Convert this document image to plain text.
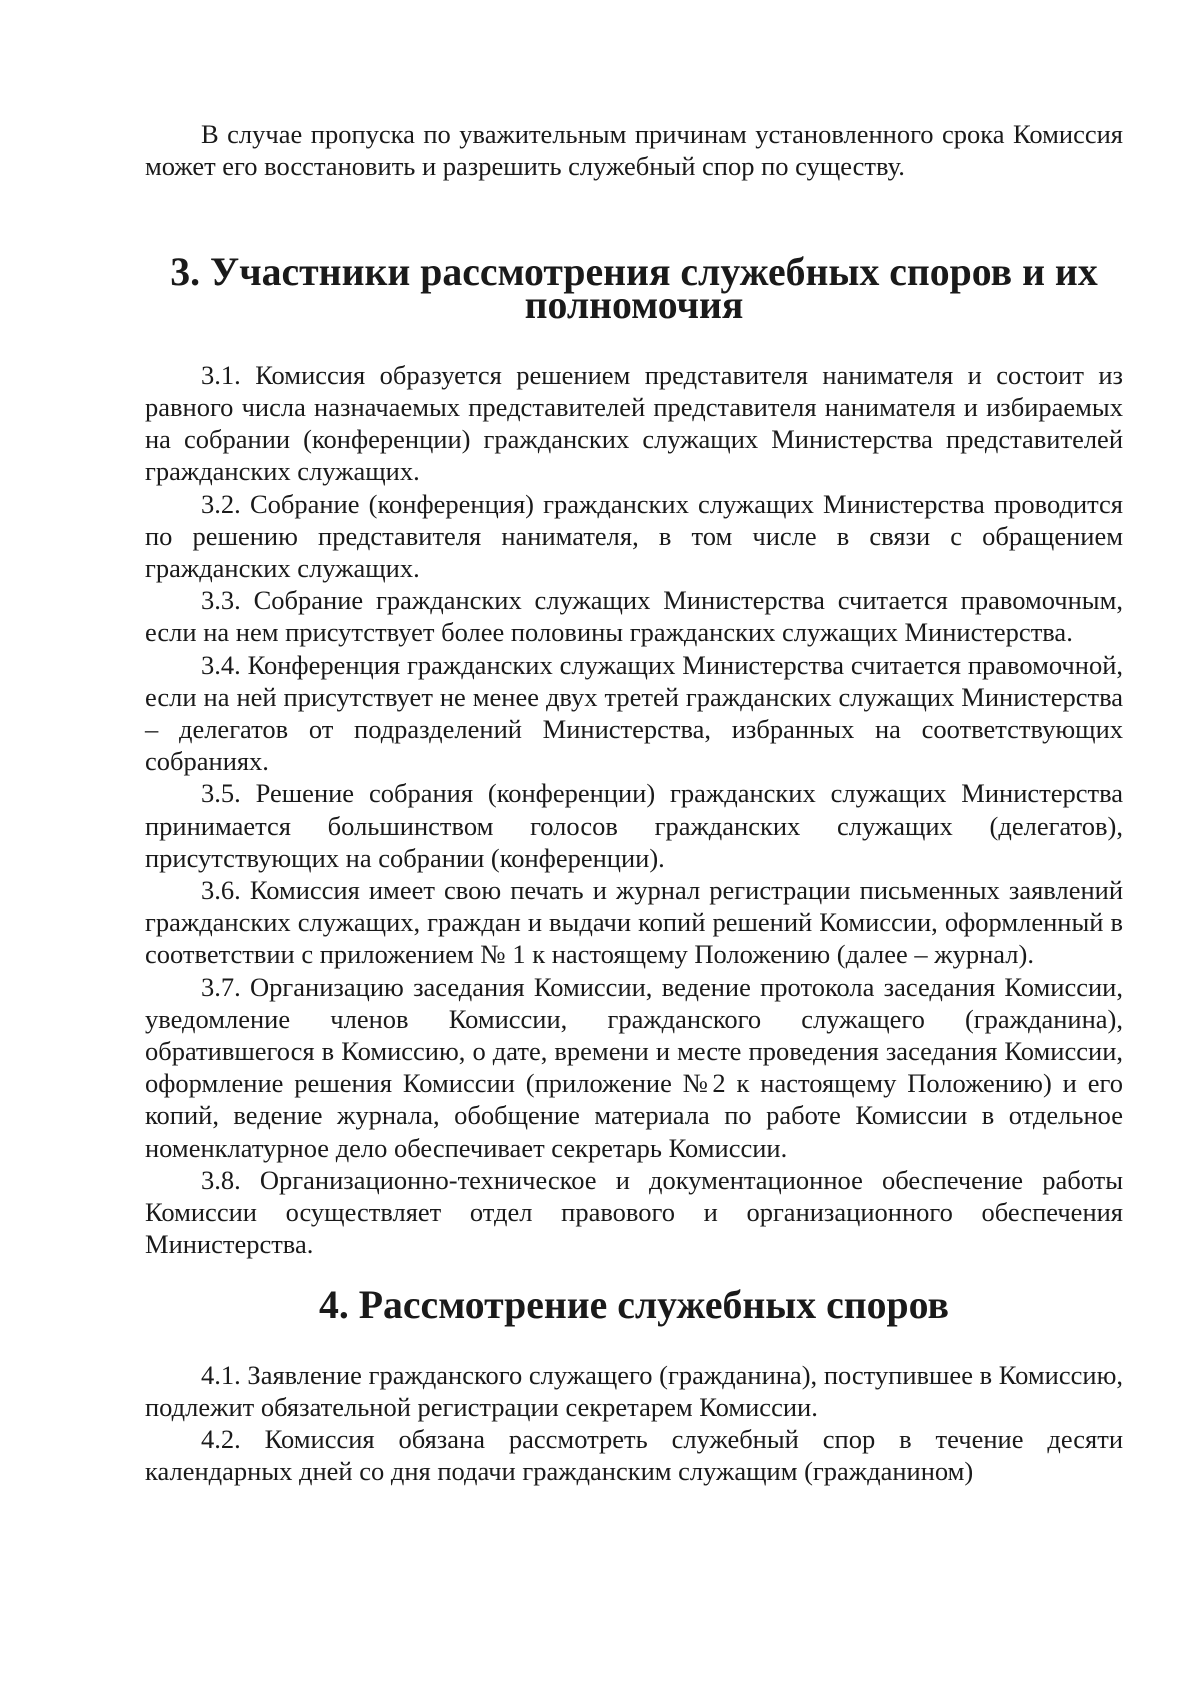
В случае пропуска по уважительным причинам установленного срока Комиссия может его восстановить и разрешить служебный спор по существу.

3. Участники рассмотрения служебных споров и их полномочия

3.1. Комиссия образуется решением представителя нанимателя и состоит из равного числа назначаемых представителей представителя нанимателя и избираемых на собрании (конференции) гражданских служащих Министерства представителей гражданских служащих.

3.2. Собрание (конференция) гражданских служащих Министерства проводится по решению представителя нанимателя, в том числе в связи с обращением гражданских служащих.

3.3. Собрание гражданских служащих Министерства считается правомочным, если на нем присутствует более половины гражданских служащих Министерства.

3.4. Конференция гражданских служащих Министерства считается правомочной, если на ней присутствует не менее двух третей гражданских служащих Министерства – делегатов от подразделений Министерства, избранных на соответствующих собраниях.

3.5. Решение собрания (конференции) гражданских служащих Министерства принимается большинством голосов гражданских служащих (делегатов), присутствующих на собрании (конференции).

3.6. Комиссия имеет свою печать и журнал регистрации письменных заявлений гражданских служащих, граждан и выдачи копий решений Комиссии, оформленный в соответствии с приложением № 1 к настоящему Положению (далее – журнал).

3.7. Организацию заседания Комиссии, ведение протокола заседания Комиссии, уведомление членов Комиссии, гражданского служащего (гражданина), обратившегося в Комиссию, о дате, времени и месте проведения заседания Комиссии, оформление решения Комиссии (приложение №2 к настоящему Положению) и его копий, ведение журнала, обобщение материала по работе Комиссии в отдельное номенклатурное дело обеспечивает секретарь Комиссии.

3.8. Организационно-техническое и документационное обеспечение работы Комиссии осуществляет отдел правового и организационного обеспечения Министерства.

4. Рассмотрение служебных споров

4.1. Заявление гражданского служащего (гражданина), поступившее в Комиссию, подлежит обязательной регистрации секретарем Комиссии.

4.2. Комиссия обязана рассмотреть служебный спор в течение десяти календарных дней со дня подачи гражданским служащим (гражданином)
